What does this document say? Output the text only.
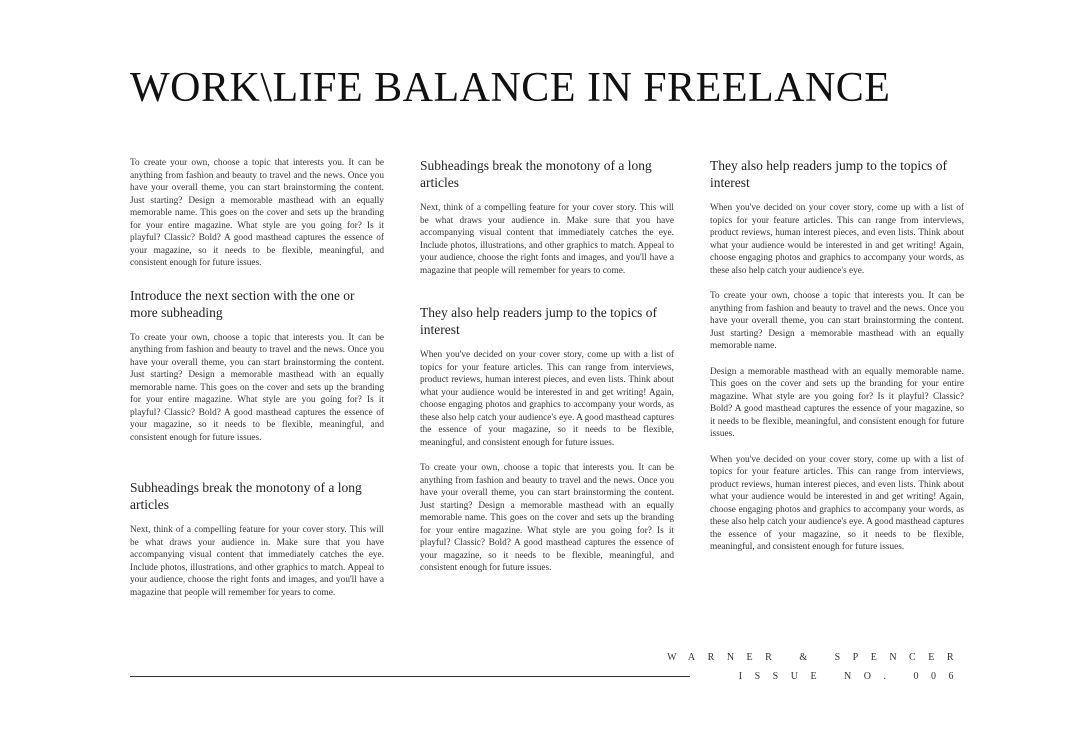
WORK\LIFE BALANCE IN FREELANCE

To create your own, choose a topic that interests you. It can be anything from fashion and beauty to travel and the news. Once you have your overall theme, you can start brainstorming the content. Just starting? Design a memorable masthead with an equally memorable name. This goes on the cover and sets up the branding for your entire magazine. What style are you going for? Is it playful? Classic? Bold? A good masthead captures the essence of your magazine, so it needs to be flexible, meaningful, and consistent enough for future issues.

Introduce the next section with the one or more subheading

To create your own, choose a topic that interests you. It can be anything from fashion and beauty to travel and the news. Once you have your overall theme, you can start brainstorming the content. Just starting? Design a memorable masthead with an equally memorable name. This goes on the cover and sets up the branding for your entire magazine. What style are you going for? Is it playful? Classic? Bold? A good masthead captures the essence of your magazine, so it needs to be flexible, meaningful, and consistent enough for future issues.

Subheadings break the monotony of a long articles

Next, think of a compelling feature for your cover story. This will be what draws your audience in. Make sure that you have accompanying visual content that immediately catches the eye. Include photos, illustrations, and other graphics to match. Appeal to your audience, choose the right fonts and images, and you'll have a magazine that people will remember for years to come.

Subheadings break the monotony of a long articles

Next, think of a compelling feature for your cover story. This will be what draws your audience in. Make sure that you have accompanying visual content that immediately catches the eye. Include photos, illustrations, and other graphics to match. Appeal to your audience, choose the right fonts and images, and you'll have a magazine that people will remember for years to come.

They also help readers jump to the topics of interest

When you've decided on your cover story, come up with a list of topics for your feature articles. This can range from interviews, product reviews, human interest pieces, and even lists. Think about what your audience would be interested in and get writing! Again, choose engaging photos and graphics to accompany your words, as these also help catch your audience's eye. A good masthead captures the essence of your magazine, so it needs to be flexible, meaningful, and consistent enough for future issues.

To create your own, choose a topic that interests you. It can be anything from fashion and beauty to travel and the news. Once you have your overall theme, you can start brainstorming the content. Just starting? Design a memorable masthead with an equally memorable name. This goes on the cover and sets up the branding for your entire magazine. What style are you going for? Is it playful? Classic? Bold? A good masthead captures the essence of your magazine, so it needs to be flexible, meaningful, and consistent enough for future issues.

They also help readers jump to the topics of interest

When you've decided on your cover story, come up with a list of topics for your feature articles. This can range from interviews, product reviews, human interest pieces, and even lists. Think about what your audience would be interested in and get writing! Again, choose engaging photos and graphics to accompany your words, as these also help catch your audience's eye.

To create your own, choose a topic that interests you. It can be anything from fashion and beauty to travel and the news. Once you have your overall theme, you can start brainstorming the content. Just starting? Design a memorable masthead with an equally memorable name.

Design a memorable masthead with an equally memorable name. This goes on the cover and sets up the branding for your entire magazine. What style are you going for? Is it playful? Classic? Bold? A good masthead captures the essence of your magazine, so it needs to be flexible, meaningful, and consistent enough for future issues.

When you've decided on your cover story, come up with a list of topics for your feature articles. This can range from interviews, product reviews, human interest pieces, and even lists. Think about what your audience would be interested in and get writing! Again, choose engaging photos and graphics to accompany your words, as these also help catch your audience's eye. A good masthead captures the essence of your magazine, so it needs to be flexible, meaningful, and consistent enough for future issues.

WARNER & SPENCER
ISSUE NO. 006
